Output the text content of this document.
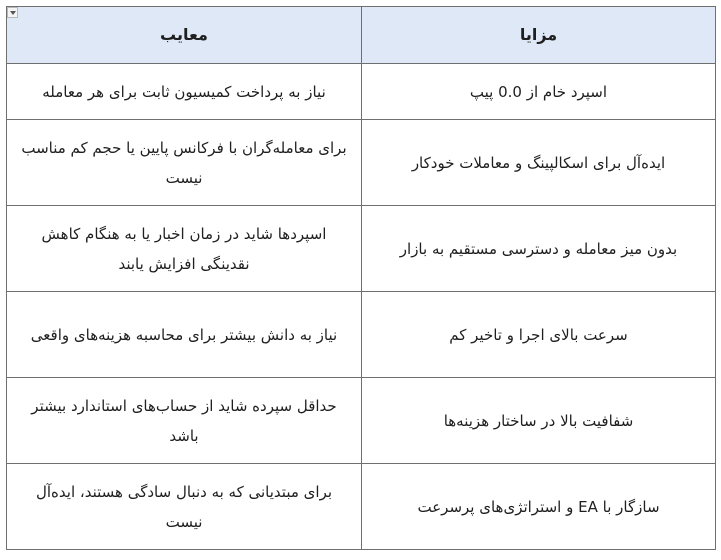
مزایا	معایب
اسپرد خام از 0.0 پیپ	نیاز به پرداخت کمیسیون ثابت برای هر معامله
ایده‌آل برای اسکالپینگ و معاملات خودکار	برای معامله‌گران با فرکانس پایین یا حجم کم مناسب نیست
بدون میز معامله و دسترسی مستقیم به بازار	اسپردها شاید در زمان اخبار یا به هنگام کاهش نقدینگی افزایش یابند
سرعت بالای اجرا و تاخیر کم	نیاز به دانش بیشتر برای محاسبه هزینه‌های واقعی
شفافیت بالا در ساختار هزینه‌ها	حداقل سپرده شاید از حساب‌های استاندارد بیشتر باشد
سازگار با EA و استراتژی‌های پرسرعت	برای مبتدیانی که به دنبال سادگی هستند، ایده‌آل نیست
